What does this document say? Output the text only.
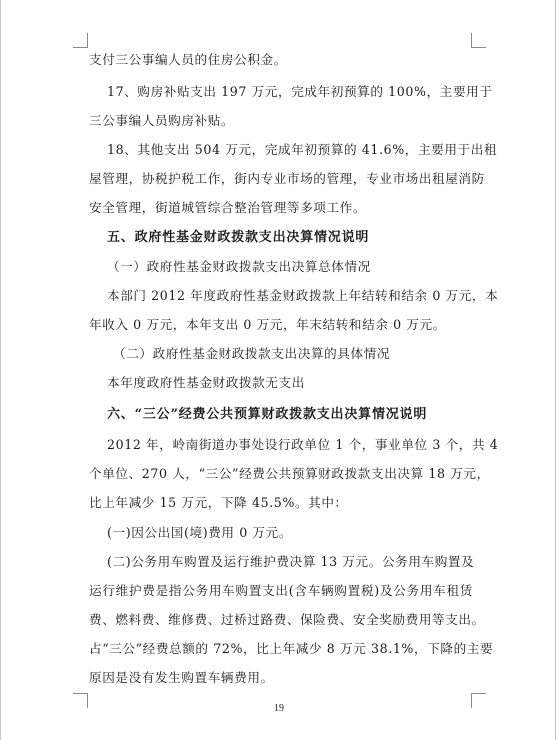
支付三公事编人员的住房公积金。
17、购房补贴支出 197 万元，完成年初预算的 100%，主要用于
三公事编人员购房补贴。
18、其他支出 504 万元，完成年初预算的 41.6%，主要用于出租
屋管理，协税护税工作，街内专业市场的管理，专业市场出租屋消防
安全管理，街道城管综合整治管理等多项工作。
五、政府性基金财政拨款支出决算情况说明
（一）政府性基金财政拨款支出决算总体情况
本部门 2012 年度政府性基金财政拨款上年结转和结余 0 万元，本
年收入 0 万元，本年支出 0 万元，年末结转和结余 0 万元。
（二）政府性基金财政拨款支出决算的具体情况
本年度政府性基金财政拨款无支出
六、“三公”经费公共预算财政拨款支出决算情况说明
2012 年，岭南街道办事处设行政单位 1 个，事业单位 3 个，共 4
个单位、270 人，“三公”经费公共预算财政拨款支出决算 18 万元，
比上年减少 15 万元，下降 45.5%。其中：
(一)因公出国(境)费用 0 万元。
(二)公务用车购置及运行维护费决算 13 万元。公务用车购置及
运行维护费是指公务用车购置支出(含车辆购置税)及公务用车租赁
费、燃料费、维修费、过桥过路费、保险费、安全奖励费用等支出。
占“三公”经费总额的 72%，比上年减少 8 万元 38.1%，下降的主要
原因是没有发生购置车辆费用。
19
